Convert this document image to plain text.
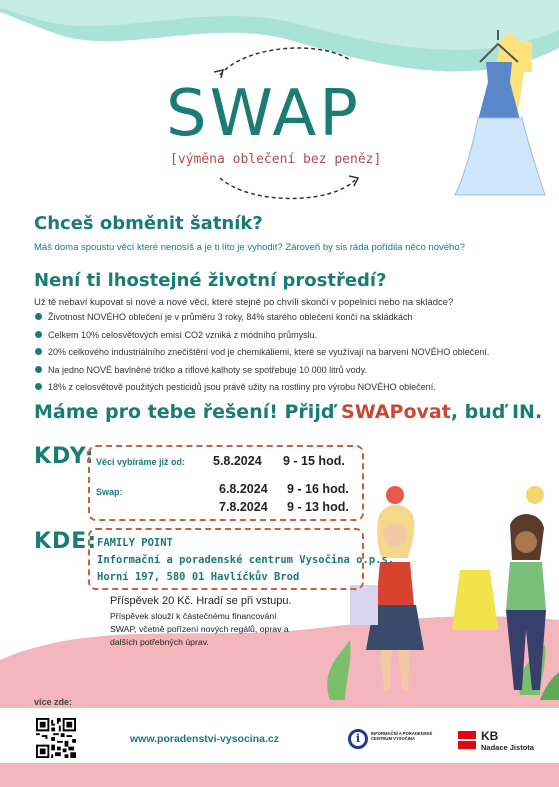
SWAP
[výměna oblečení bez peněz]
Chceš obměnit šatník?
Máš doma spoustu věcí které nenosíš a je ti líto je vyhodit? Zároveň by sis ráda pořídila něco nového?
Není ti lhostejné životní prostředí?
Už tě nebaví kupovat si nové a nové věci, které stejně po chvíli skončí v popelnici nebo na skládce?
Životnost NOVÉHO oblečení je v průměru 3 roky, 84% starého oblečení končí na skládkách
Celkem 10% celosvětových emisí CO2 vzniká z módního průmyslu.
20% celkového industriálního znečištění vod je chemikáliemi, které se využívají na barvení NOVÉHO oblečení.
Na jedno NOVÉ bavlněné tričko a riflové kalhoty se spotřebuje 10 000 litrů vody.
18% z celosvětově použitých pesticidů jsou právě užity na rostliny pro výrobu NOVÉHO oblečení.
Máme pro tebe řešení! Přijď SWAPovat, buď IN.
KDY: Věci vybíráme již od: 5.8.2024 9 - 15 hod.
Swap:	6.8.2024 9 - 16 hod.
7.8.2024 9 - 13 hod.
KDE: FAMILY POINT
Informační a poradenské centrum Vysočina o.p.s.
Horní 197, 580 01 Havlíčkův Brod
Příspěvek 20 Kč. Hradí se při vstupu.
Příspěvek slouží k částečnému financování
SWAP, včetně pořízení nových regálů, oprav a
dalších potřebných úprav.
více zde:
www.poradenstvi-vysocina.cz	i	INFORMAČNÍ A PORADENSKÉ CENTRUM VYSOČINA	KB
Nadace Jistota
